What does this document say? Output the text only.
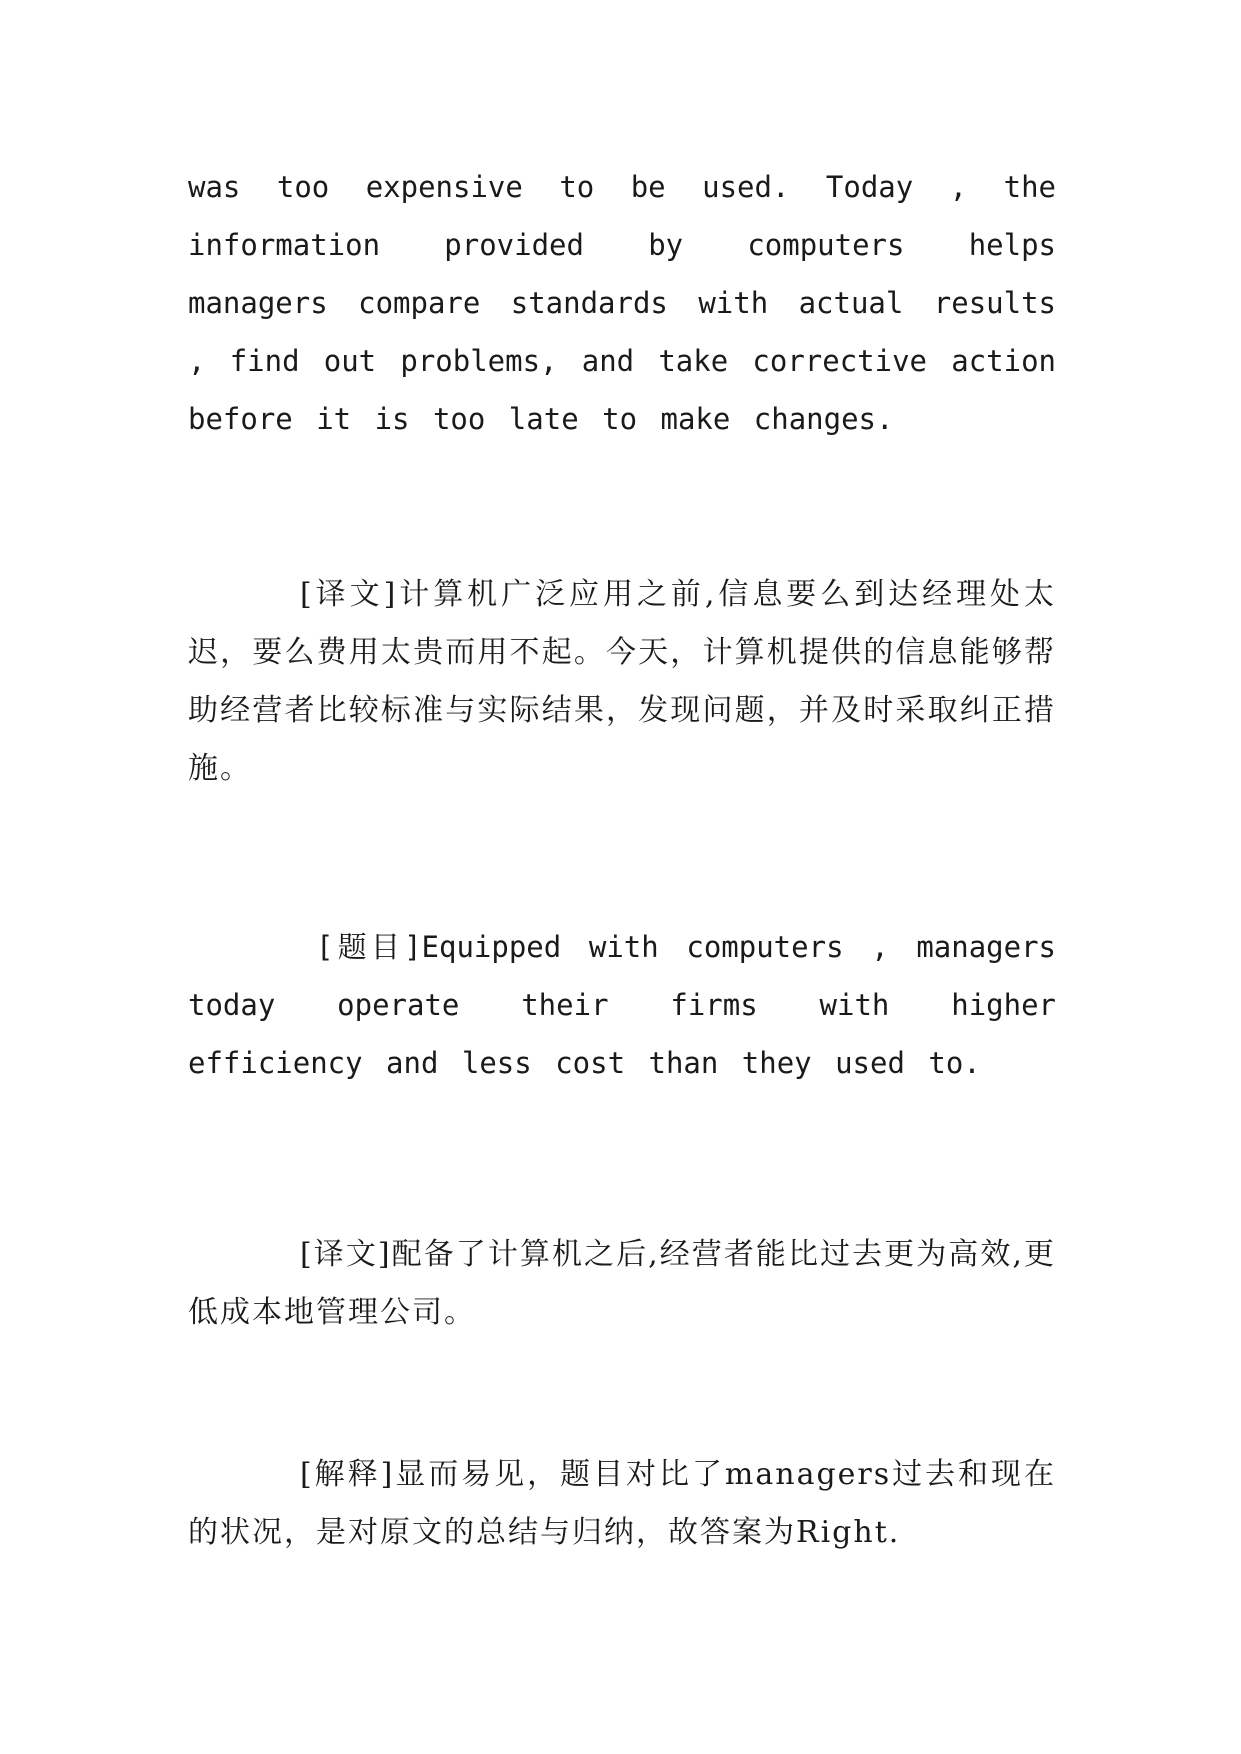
was too expensive to be used. Today , the information provided by computers helps managers compare standards with actual results , find out problems, and take corrective action before it is too late to make changes.

[译文]计算机广泛应用之前,信息要么到达经理处太迟，要么费用太贵而用不起。今天，计算机提供的信息能够帮助经营者比较标准与实际结果，发现问题，并及时采取纠正措施。

[题目]Equipped with computers , managers today operate their firms with higher efficiency and less cost than they used to.

[译文]配备了计算机之后,经营者能比过去更为高效,更低成本地管理公司。

[解释]显而易见，题目对比了managers过去和现在的状况，是对原文的总结与归纳，故答案为Right.
